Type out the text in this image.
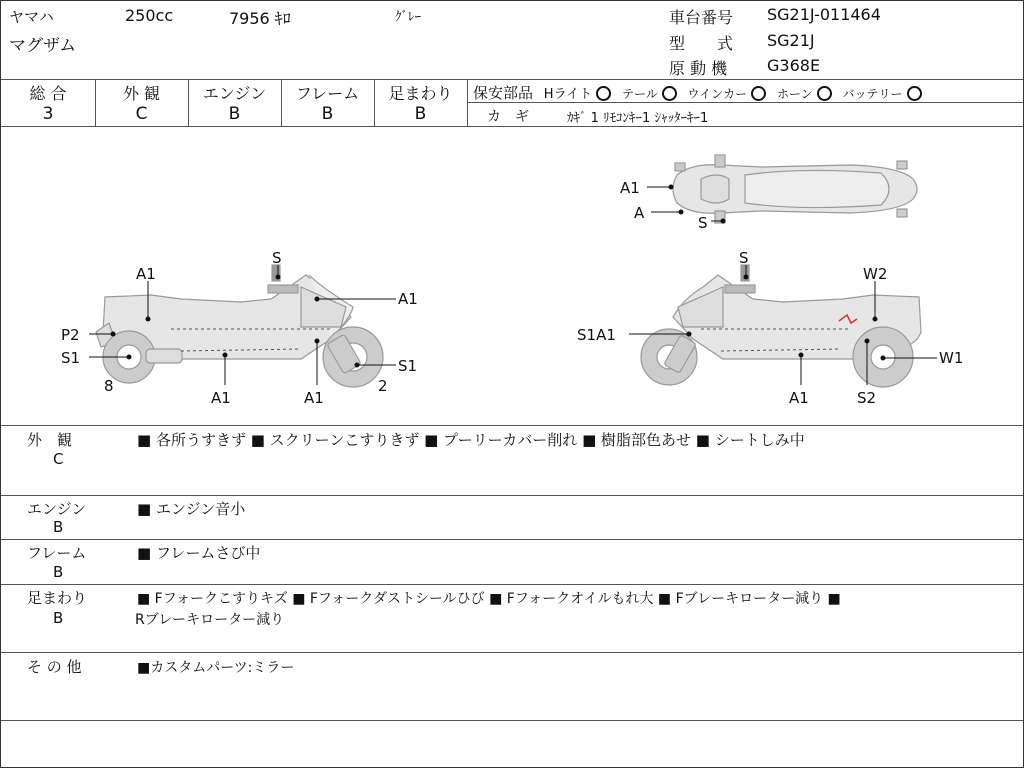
ヤマハ	250cc	7956 ｷﾛ	ｸﾞﾚｰ
マグザム
車台番号 SG21J-011464
型　　式 SG21J
原 動 機 G368E
総 合
3
外 観
C
エンジン
B
フレーム
B
足まわり
B
保安部品 Hライト テール ウインカー ホーン バッテリー
カ　ギ	ｶｷﾞ 1 ﾘﾓｺﾝｷｰ1 ｼｬｯﾀｰｷｰ1
A1
S
A1
P2
S1	S1
8
A1	A1
2
S
W2
S1A1
W1
A1	S2
A1
A
S
外　観
C
■ 各所うすきず ■ スクリーンこすりきず ■ プーリーカバー削れ ■ 樹脂部色あせ ■ シートしみ中
エンジン
B
■ エンジン音小
フレーム
B
■ フレームさび中
足まわり
B
■ Fフォークこすりキズ ■ Fフォークダストシールひび ■ Fフォークオイルもれ大 ■ Fブレーキローター減り ■
Rブレーキローター減り
そ の 他	■カスタムパーツ:ミラー
